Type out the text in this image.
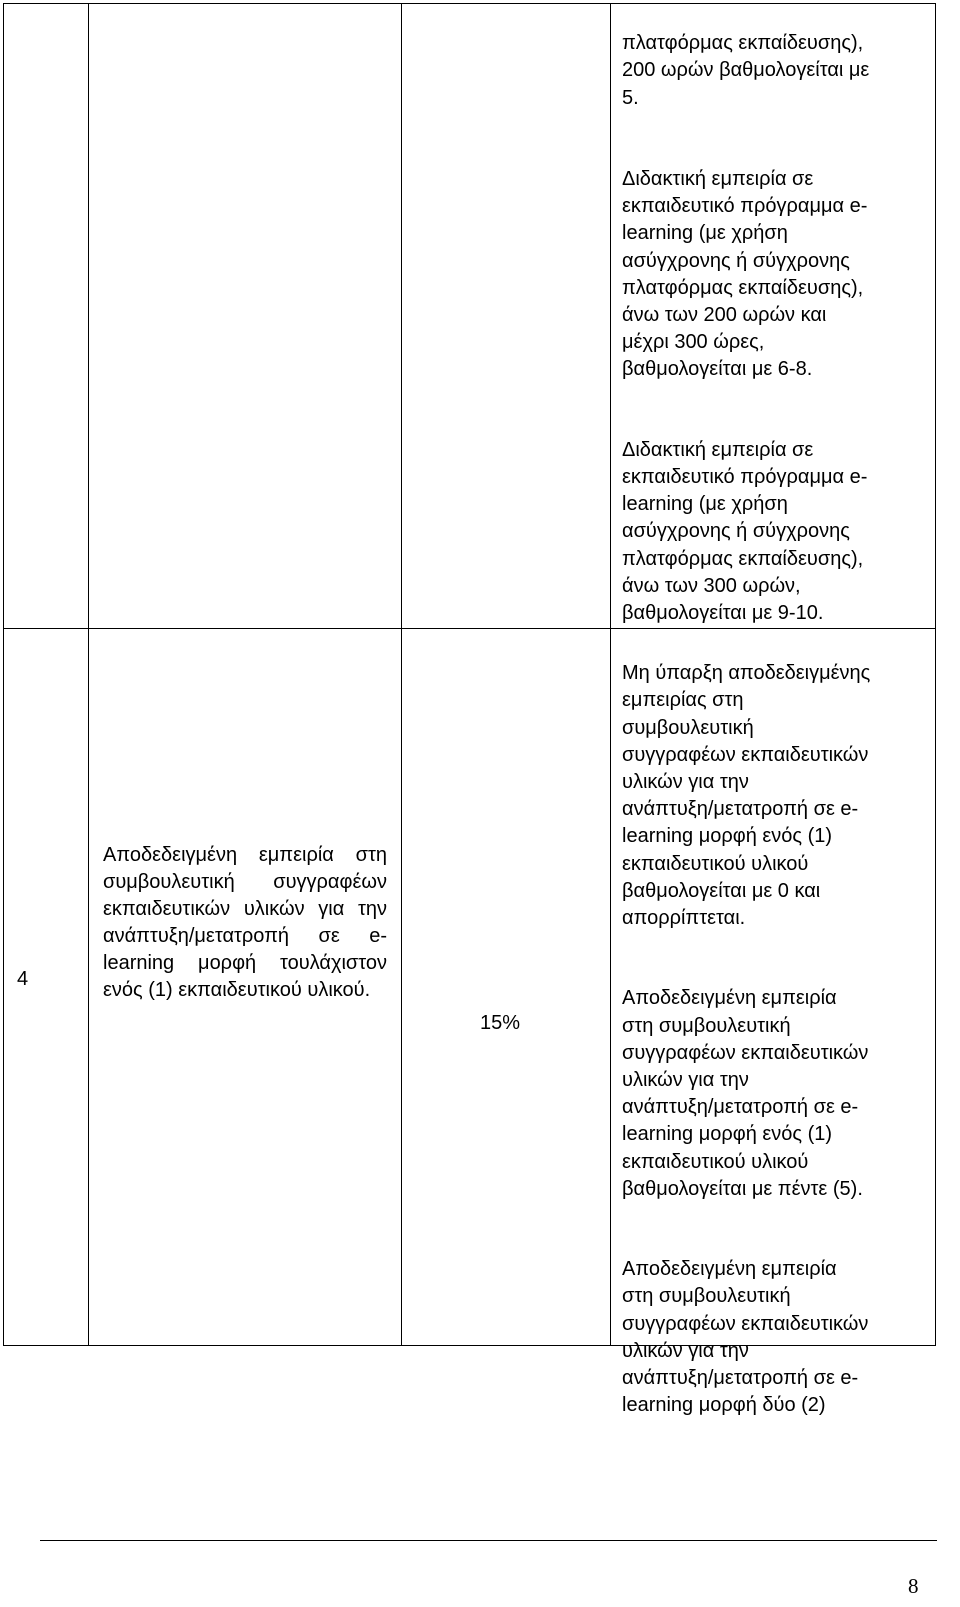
πλατφόρμας εκπαίδευσης),
200 ωρών βαθμολογείται με
5.

Διδακτική εμπειρία σε
εκπαιδευτικό πρόγραμμα e-
learning (με χρήση
ασύγχρονης ή σύγχρονης
πλατφόρμας εκπαίδευσης),
άνω των 200 ωρών και
μέχρι 300 ώρες,
βαθμολογείται με 6-8.

Διδακτική εμπειρία σε
εκπαιδευτικό πρόγραμμα e-
learning (με χρήση
ασύγχρονης ή σύγχρονης
πλατφόρμας εκπαίδευσης),
άνω των 300 ωρών,
βαθμολογείται με 9-10.

4
Αποδεδειγμένη εμπειρία στη συμβουλευτική συγγραφέων εκπαιδευτικών υλικών για την ανάπτυξη/μετατροπή σε e-learning μορφή τουλάχιστον ενός (1) εκπαιδευτικού υλικού.
15%

Μη ύπαρξη αποδεδειγμένης
εμπειρίας στη
συμβουλευτική
συγγραφέων εκπαιδευτικών
υλικών για την
ανάπτυξη/μετατροπή σε e-
learning μορφή ενός (1)
εκπαιδευτικού υλικού
βαθμολογείται με 0 και
απορρίπτεται.

Αποδεδειγμένη εμπειρία
στη συμβουλευτική
συγγραφέων εκπαιδευτικών
υλικών για την
ανάπτυξη/μετατροπή σε e-
learning μορφή ενός (1)
εκπαιδευτικού υλικού
βαθμολογείται με πέντε (5).

Αποδεδειγμένη εμπειρία
στη συμβουλευτική
συγγραφέων εκπαιδευτικών
υλικών για την
ανάπτυξη/μετατροπή σε e-
learning μορφή δύο (2)

8
